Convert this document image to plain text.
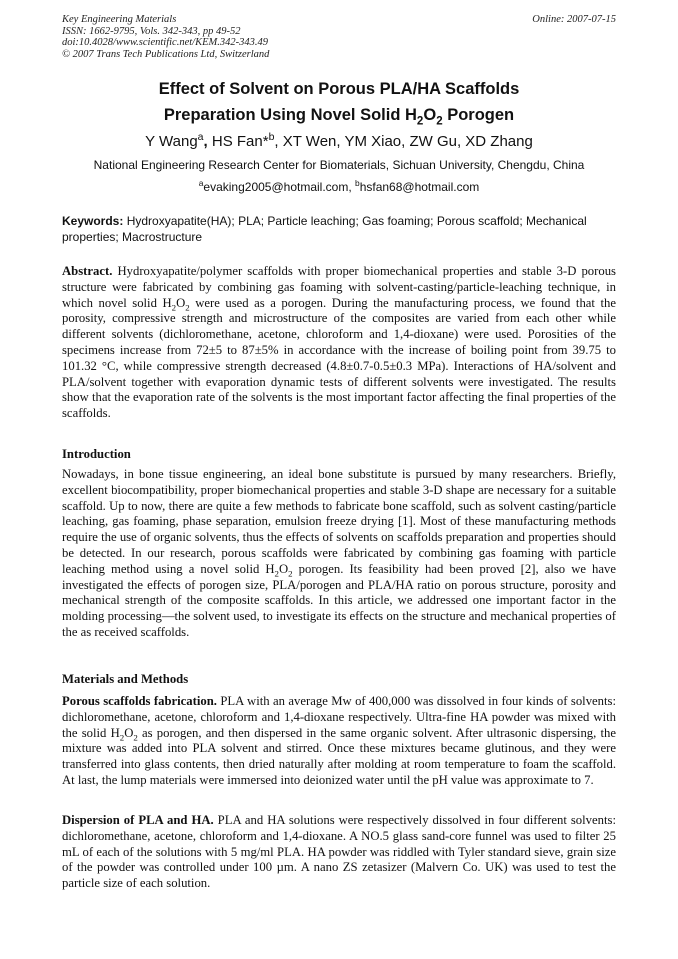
Key Engineering Materials
ISSN: 1662-9795, Vols. 342-343, pp 49-52
doi:10.4028/www.scientific.net/KEM.342-343.49
© 2007 Trans Tech Publications Ltd, Switzerland
Online: 2007-07-15
Effect of Solvent on Porous PLA/HA Scaffolds
Preparation Using Novel Solid $H_2O_2$ Porogen
Y Wang$^a$, HS Fan*$^b$, XT Wen, YM Xiao, ZW Gu, XD Zhang
National Engineering Research Center for Biomaterials, Sichuan University, Chengdu, China
$^a$evaking2005@hotmail.com, $^b$hsfan68@hotmail.com
Keywords: Hydroxyapatite(HA); PLA; Particle leaching; Gas foaming; Porous scaffold; Mechanical properties; Macrostructure
Abstract. Hydroxyapatite/polymer scaffolds with proper biomechanical properties and stable 3-D porous structure were fabricated by combining gas foaming with solvent-casting/particle-leaching technique, in which novel solid $H_2O_2$ were used as a porogen. During the manufacturing process, we found that the porosity, compressive strength and microstructure of the composites are varied from each other while different solvents (dichloromethane, acetone, chloroform and 1,4-dioxane) were used. Porosities of the specimens increase from 72±5 to 87±5% in accordance with the increase of boiling point from 39.75 to 101.32 °C, while compressive strength decreased (4.8±0.7-0.5±0.3 MPa). Interactions of HA/solvent and PLA/solvent together with evaporation dynamic tests of different solvents were investigated. The results show that the evaporation rate of the solvents is the most important factor affecting the final properties of the scaffolds.
Introduction
Nowadays, in bone tissue engineering, an ideal bone substitute is pursued by many researchers. Briefly, excellent biocompatibility, proper biomechanical properties and stable 3-D shape are necessary for a suitable scaffold. Up to now, there are quite a few methods to fabricate bone scaffold, such as solvent casting/particle leaching, gas foaming, phase separation, emulsion freeze drying [1]. Most of these manufacturing methods require the use of organic solvents, thus the effects of solvents on scaffolds preparation and properties should be detected. In our research, porous scaffolds were fabricated by combining gas foaming with particle leaching method using a novel solid $H_2O_2$ porogen. Its feasibility had been proved [2], also we have investigated the effects of porogen size, PLA/porogen and PLA/HA ratio on porous structure, porosity and mechanical strength of the composite scaffolds. In this article, we addressed one important factor in the molding processing—the solvent used, to investigate its effects on the structure and mechanical properties of the as received scaffolds.
Materials and Methods
Porous scaffolds fabrication. PLA with an average Mw of 400,000 was dissolved in four kinds of solvents: dichloromethane, acetone, chloroform and 1,4-dioxane respectively. Ultra-fine HA powder was mixed with the solid $H_2O_2$ as porogen, and then dispersed in the same organic solvent. After ultrasonic dispersing, the mixture was added into PLA solvent and stirred. Once these mixtures became glutinous, and they were transferred into glass contents, then dried naturally after molding at room temperature to foam the scaffold. At last, the lump materials were immersed into deionized water until the pH value was approximate to 7.
Dispersion of PLA and HA. PLA and HA solutions were respectively dissolved in four different solvents: dichloromethane, acetone, chloroform and 1,4-dioxane. A NO.5 glass sand-core funnel was used to filter 25 mL of each of the solutions with 5 mg/ml PLA. HA powder was riddled with Tyler standard sieve, grain size of the powder was controlled under 100 µm. A nano ZS zetasizer (Malvern Co. UK) was used to test the particle size of each solution.
